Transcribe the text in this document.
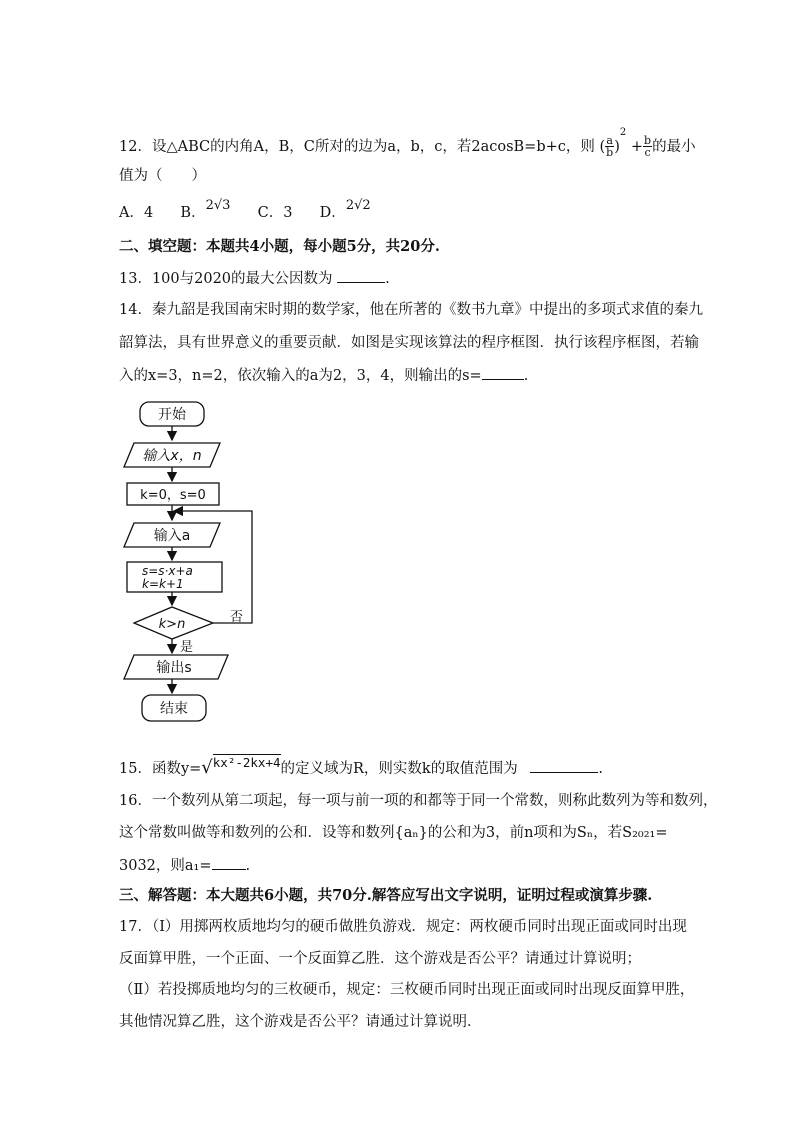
12．设△ABC的内角A，B，C所对的边为a，b，c，若2acosB=b+c，则 ( $\frac{a}{b} )^2 + \frac{b}{c}$ 的最小
值为（　　）
A．4 B．2√3 C．3 D．2√2
二、填空题：本题共4小题，每小题5分，共20分.
13．100与2020的最大公因数为	.
14．秦九韶是我国南宋时期的数学家，他在所著的《数书九章》中提出的多项式求值的秦九
韶算法，具有世界意义的重要贡献．如图是实现该算法的程序框图．执行该程序框图，若输
入的x=3，n=2，依次输入的a为2，3，4，则输出的s=	.
开始
输入x，n
k=0，s=0
输入a
s=s·x+a
k=k+1
k>n	否
是
输出s
结束
15．函数y=√kx²-2kx+4的定义域为R，则实数k的取值范围为	.
16．一个数列从第二项起，每一项与前一项的和都等于同一个常数，则称此数列为等和数列，
这个常数叫做等和数列的公和．设等和数列{aₙ}的公和为3，前n项和为Sₙ，若S₂₀₂₁=
3032，则a₁= .
三、解答题：本大题共6小题，共70分.解答应写出文字说明，证明过程或演算步骤.
17．（Ⅰ）用掷两枚质地均匀的硬币做胜负游戏．规定：两枚硬币同时出现正面或同时出现
反面算甲胜，一个正面、一个反面算乙胜．这个游戏是否公平？请通过计算说明；
（Ⅱ）若投掷质地均匀的三枚硬币，规定：三枚硬币同时出现正面或同时出现反面算甲胜，
其他情况算乙胜，这个游戏是否公平？请通过计算说明．
